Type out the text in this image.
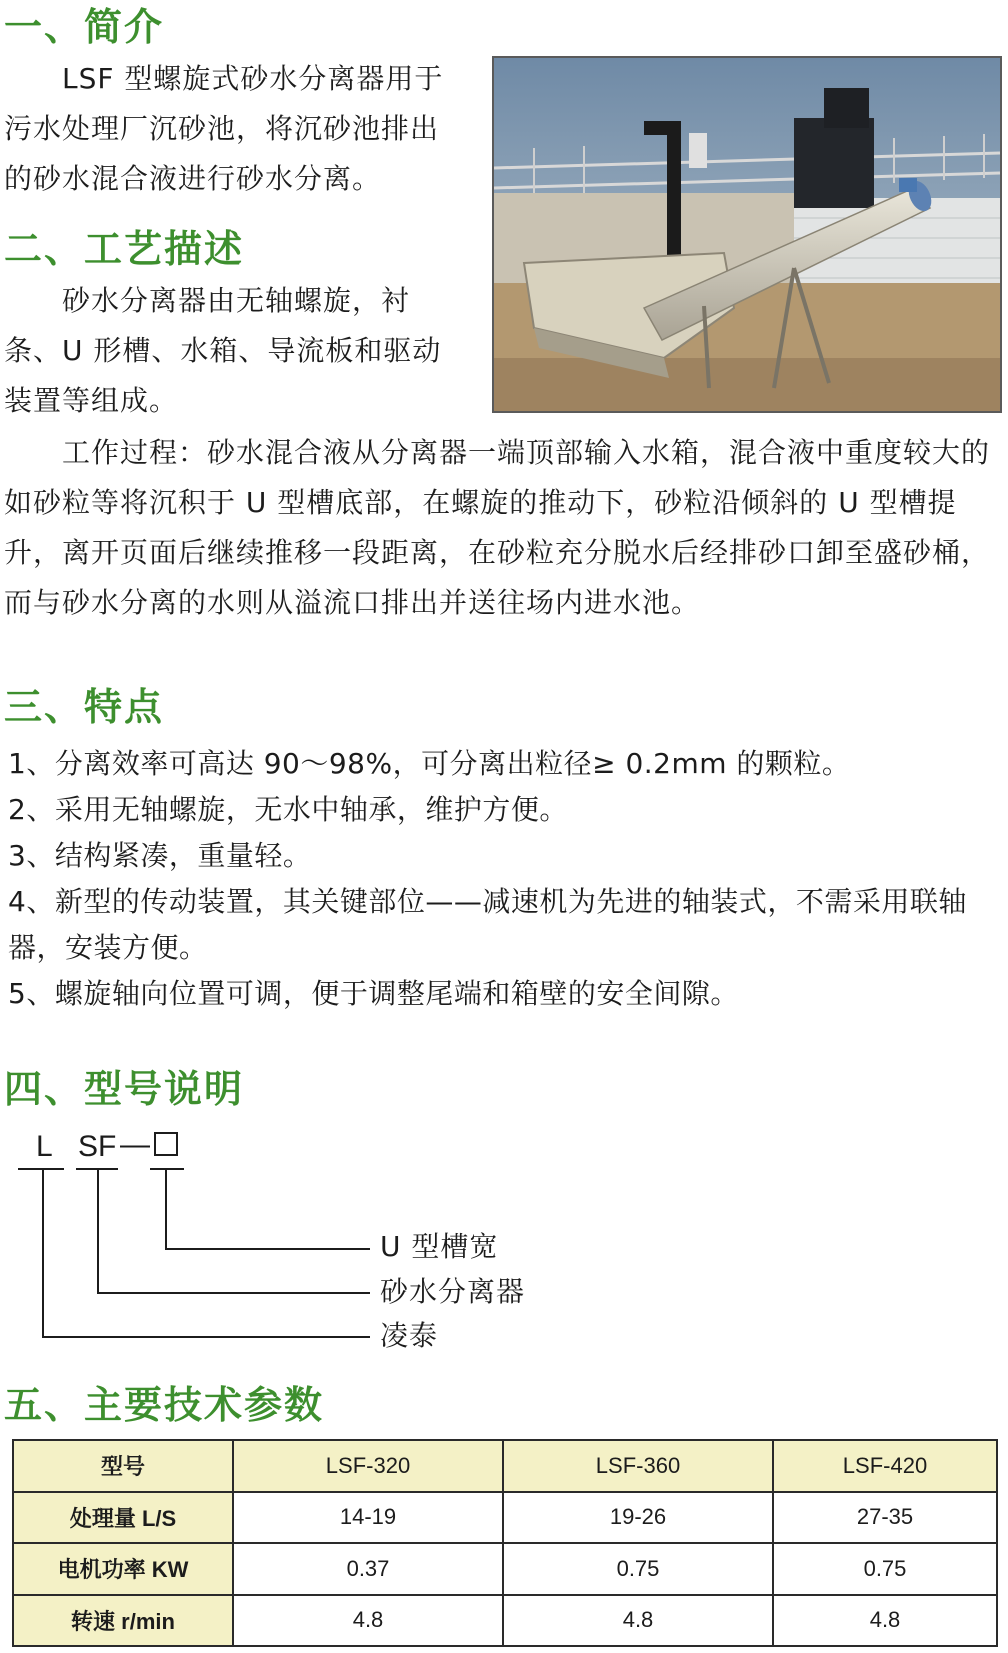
一、简介

LSF 型螺旋式砂水分离器用于污水处理厂沉砂池，将沉砂池排出的砂水混合液进行砂水分离。

二、工艺描述

砂水分离器由无轴螺旋，衬条、U 形槽、水箱、导流板和驱动装置等组成。

工作过程：砂水混合液从分离器一端顶部输入水箱，混合液中重度较大的如砂粒等将沉积于 U 型槽底部，在螺旋的推动下，砂粒沿倾斜的 U 型槽提升，离开页面后继续推移一段距离，在砂粒充分脱水后经排砂口卸至盛砂桶，而与砂水分离的水则从溢流口排出并送往场内进水池。

三、特点
1、分离效率可高达 90～98%，可分离出粒径≥ 0.2mm 的颗粒。
2、采用无轴螺旋，无水中轴承，维护方便。
3、结构紧凑，重量轻。
4、新型的传动装置，其关键部位——减速机为先进的轴装式，不需采用联轴器，安装方便。
5、螺旋轴向位置可调，便于调整尾端和箱壁的安全间隙。
四、型号说明
L SF —
U 型槽宽
砂水分离器
凌泰
五、主要技术参数
型号	LSF-320	LSF-360	LSF-420
处理量 L/S	14-19	19-26	27-35
电机功率 KW	0.37	0.75	0.75
转速 r/min	4.8	4.8	4.8
